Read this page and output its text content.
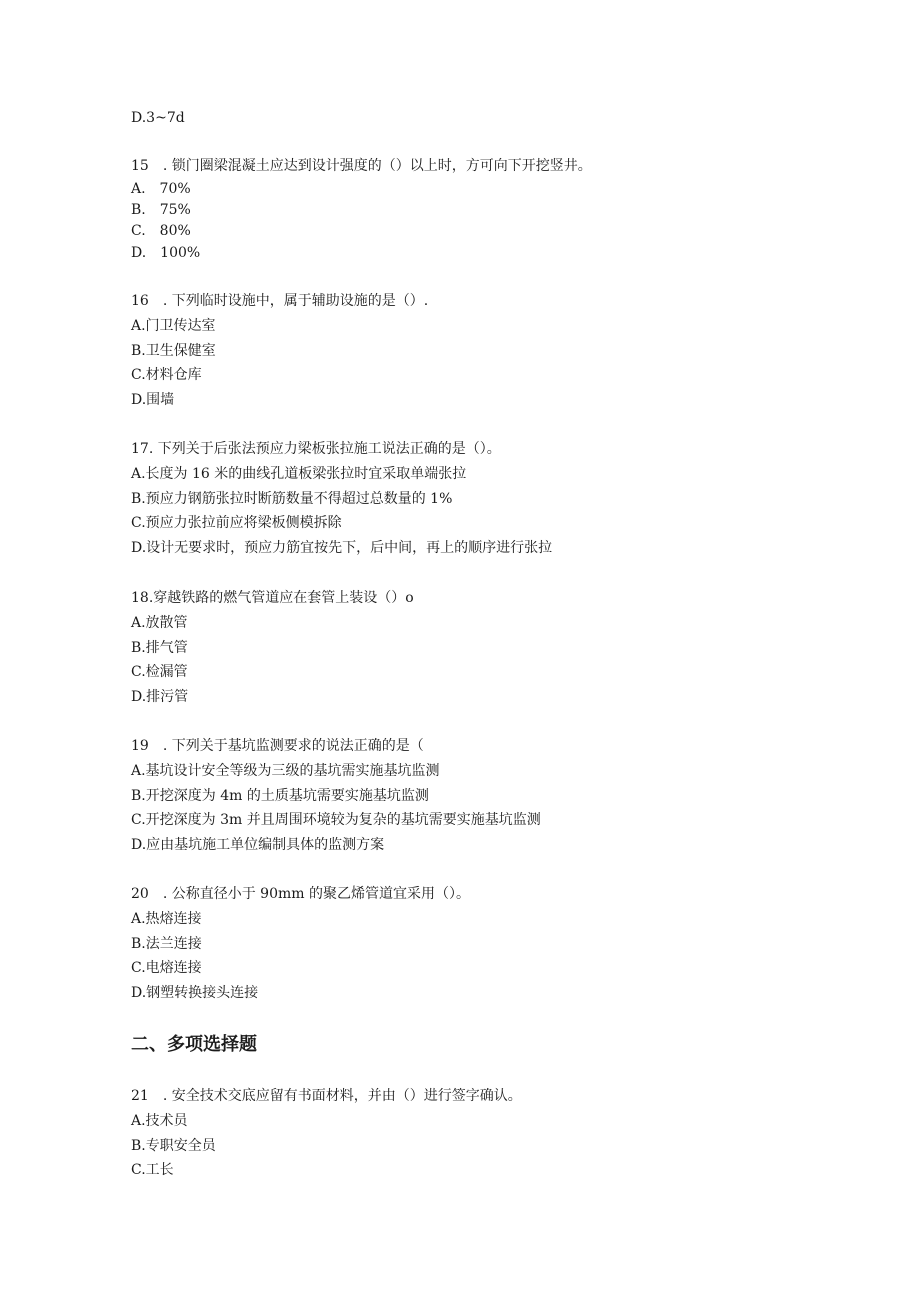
D.3~7d
15　. 锁门圈梁混凝土应达到设计强度的（）以上时，方可向下开挖竖井。
A.　70%
B.　75%
C.　80%
D.　100%
16　. 下列临时设施中，属于辅助设施的是（）.
A.门卫传达室
B.卫生保健室
C.材料仓库
D.围墙
17. 下列关于后张法预应力梁板张拉施工说法正确的是（）。
A.长度为 16 米的曲线孔道板梁张拉时宜采取单端张拉
B.预应力钢筋张拉时断筋数量不得超过总数量的 1%
C.预应力张拉前应将梁板侧模拆除
D.设计无要求时，预应力筋宜按先下，后中间，再上的顺序进行张拉
18.穿越铁路的燃气管道应在套管上装设（）o
A.放散管
B.排气管
C.检漏管
D.排污管
19　. 下列关于基坑监测要求的说法正确的是（
A.基坑设计安全等级为三级的基坑需实施基坑监测
B.开挖深度为 4m 的土质基坑需要实施基坑监测
C.开挖深度为 3m 并且周围环境较为复杂的基坑需要实施基坑监测
D.应由基坑施工单位编制具体的监测方案
20　. 公称直径小于 90mm 的聚乙烯管道宜采用（）。
A.热熔连接
B.法兰连接
C.电熔连接
D.钢塑转换接头连接
二、多项选择题
21　. 安全技术交底应留有书面材料，并由（）进行签字确认。
A.技术员
B.专职安全员
C.工长
